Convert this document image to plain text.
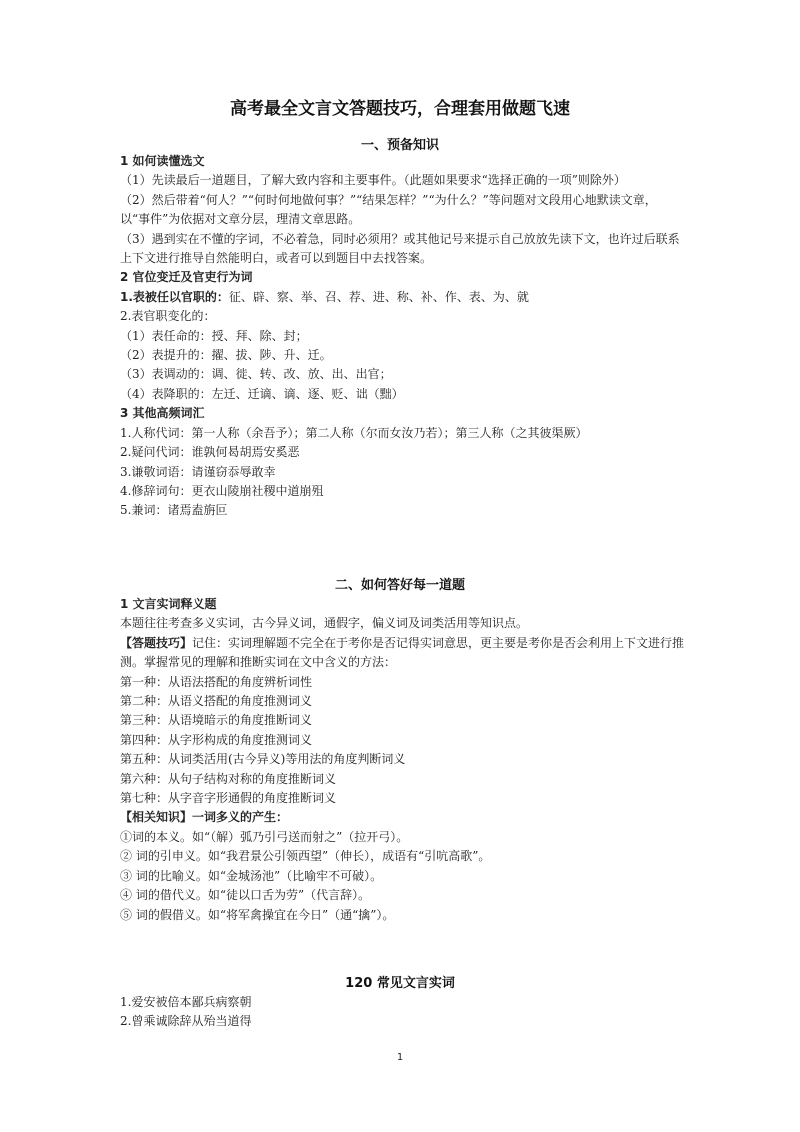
高考最全文言文答题技巧，合理套用做题飞速
一、预备知识

1 如何读懂选文

（1）先读最后一道题目，了解大致内容和主要事件。（此题如果要求“选择正确的一项”则除外）

（2）然后带着“何人？”“何时何地做何事？”“结果怎样？”“为什么？”等问题对文段用心地默读文章，以“事件”为依据对文章分层，理清文章思路。

（3）遇到实在不懂的字词，不必着急，同时必须用？或其他记号来提示自己放放先读下文，也许过后联系上下文进行推导自然能明白，或者可以到题目中去找答案。

2 官位变迁及官吏行为词

1.表被任以官职的：征、辟、察、举、召、荐、进、称、补、作、表、为、就

2.表官职变化的：

（1）表任命的：授、拜、除、封；

（2）表提升的：擢、拔、陟、升、迁。

（3）表调动的：调、徙、转、改、放、出、出官；

（4）表降职的：左迁、迁谪、谪、逐、贬、诎（黜）

3 其他高频词汇

1.人称代词：第一人称（余吾予）；第二人称（尔而女汝乃若）；第三人称（之其彼渠厥）

2.疑问代词：谁孰何曷胡焉安奚恶

3.谦敬词语：请谨窃忝辱敢幸

4.修辞词句：更衣山陵崩社稷中道崩殂

5.兼词：诸焉盍旃叵

二、如何答好每一道题

1 文言实词释义题

本题往往考查多义实词，古今异义词，通假字，偏义词及词类活用等知识点。

【答题技巧】记住：实词理解题不完全在于考你是否记得实词意思，更主要是考你是否会利用上下文进行推测。掌握常见的理解和推断实词在文中含义的方法：

第一种：从语法搭配的角度辨析词性

第二种：从语义搭配的角度推测词义

第三种：从语境暗示的角度推断词义

第四种：从字形构成的角度推测词义

第五种：从词类活用(古今异义)等用法的角度判断词义

第六种：从句子结构对称的角度推断词义

第七种：从字音字形通假的角度推断词义

【相关知识】一词多义的产生：

①词的本义。如“（解）弧乃引弓送而射之”（拉开弓）。

② 词的引申义。如“我君景公引领西望”（伸长），成语有“引吭高歌”。

③ 词的比喻义。如“金城汤池”（比喻牢不可破）。

④ 词的借代义。如“徒以口舌为劳”（代言辞）。

⑤ 词的假借义。如“将军禽操宜在今日”（通“擒”）。

120 常见文言实词

1.爱安被倍本鄙兵病察朝

2.曾乘诚除辞从殆当道得

1
